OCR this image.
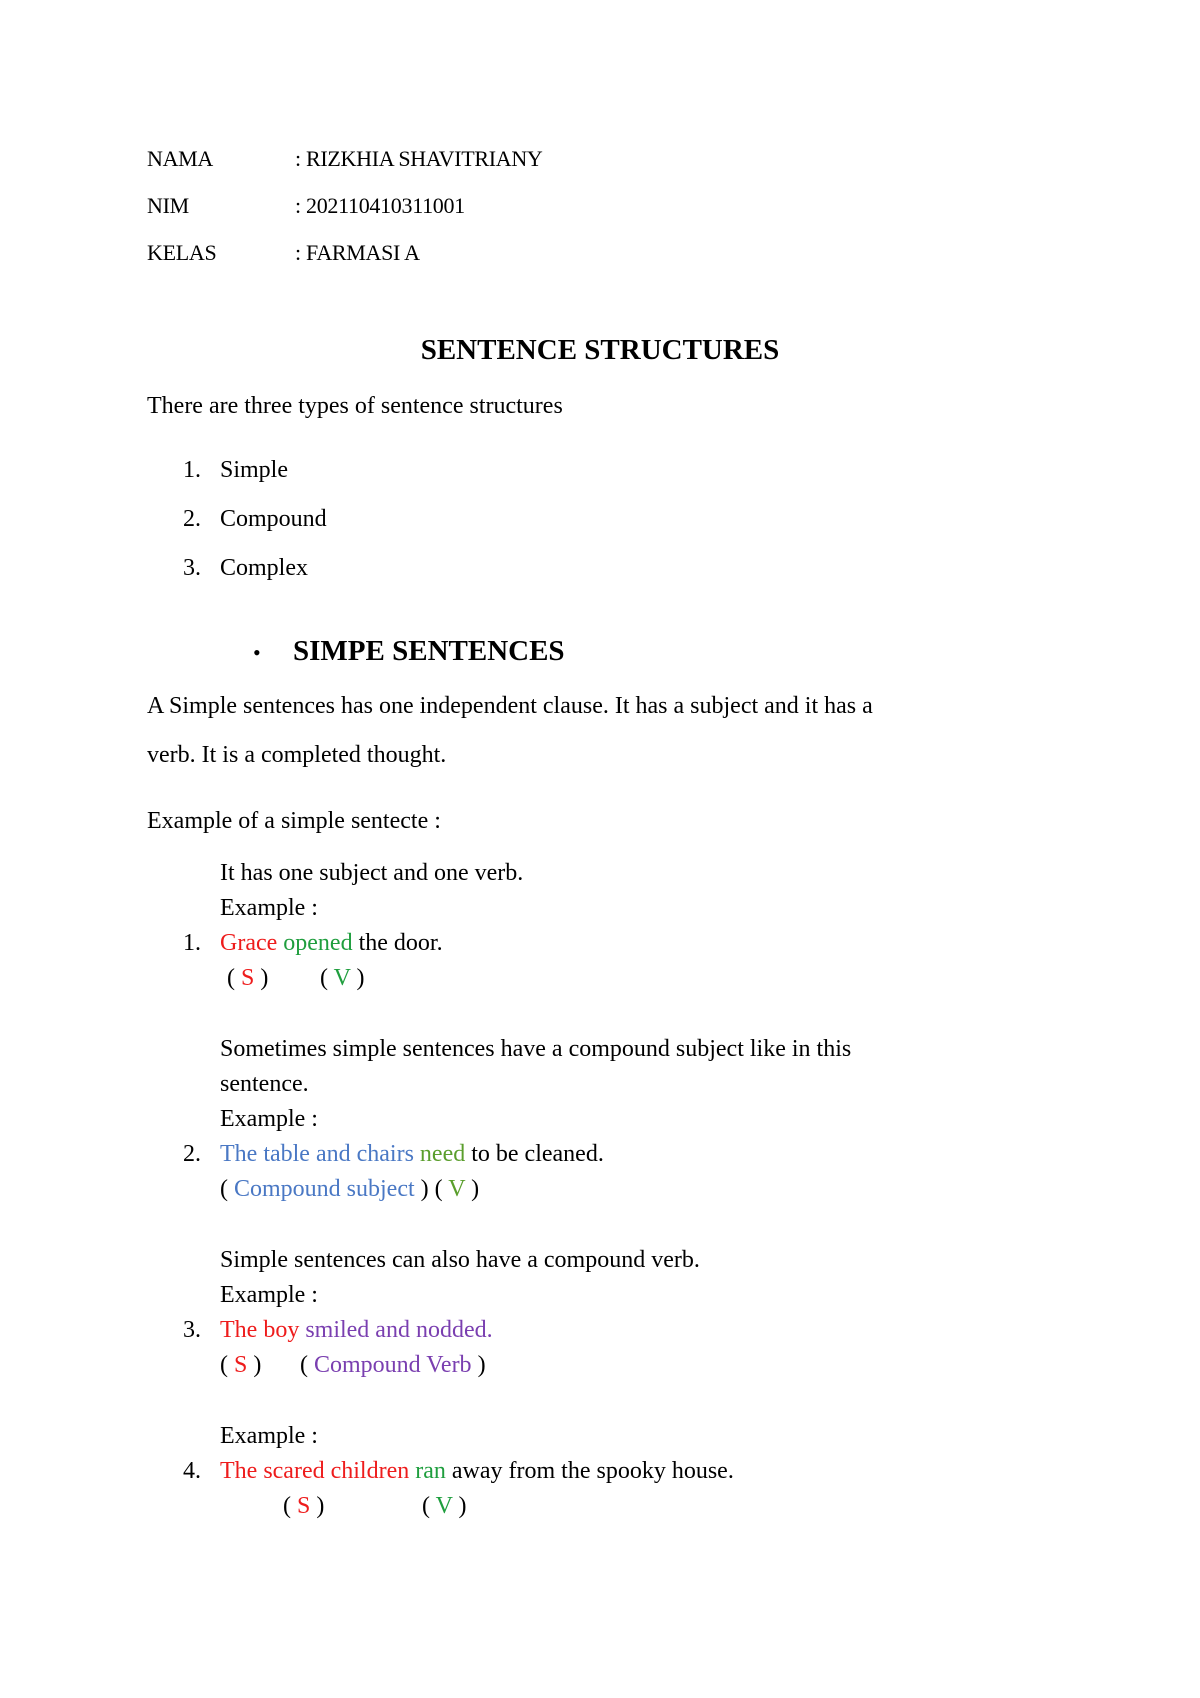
NAMA	: RIZKHIA SHAVITRIANY
NIM	: 202110410311001
KELAS	: FARMASI A
SENTENCE STRUCTURES
There are three types of sentence structures
1. Simple
2. Compound
3. Complex
• SIMPE SENTENCES
A Simple sentences has one independent clause. It has a subject and it has a
verb. It is a completed thought.
Example of a simple sentecte :
It has one subject and one verb.
Example :
1. Grace opened the door.
( S ) ( V )
Sometimes simple sentences have a compound subject like in this
sentence.
Example :
2. The table and chairs need to be cleaned.
( Compound subject ) ( V )
Simple sentences can also have a compound verb.
Example :
3. The boy smiled and nodded.
( S ) ( Compound Verb )
Example :
4. The scared children ran away from the spooky house.
( S )	( V )
